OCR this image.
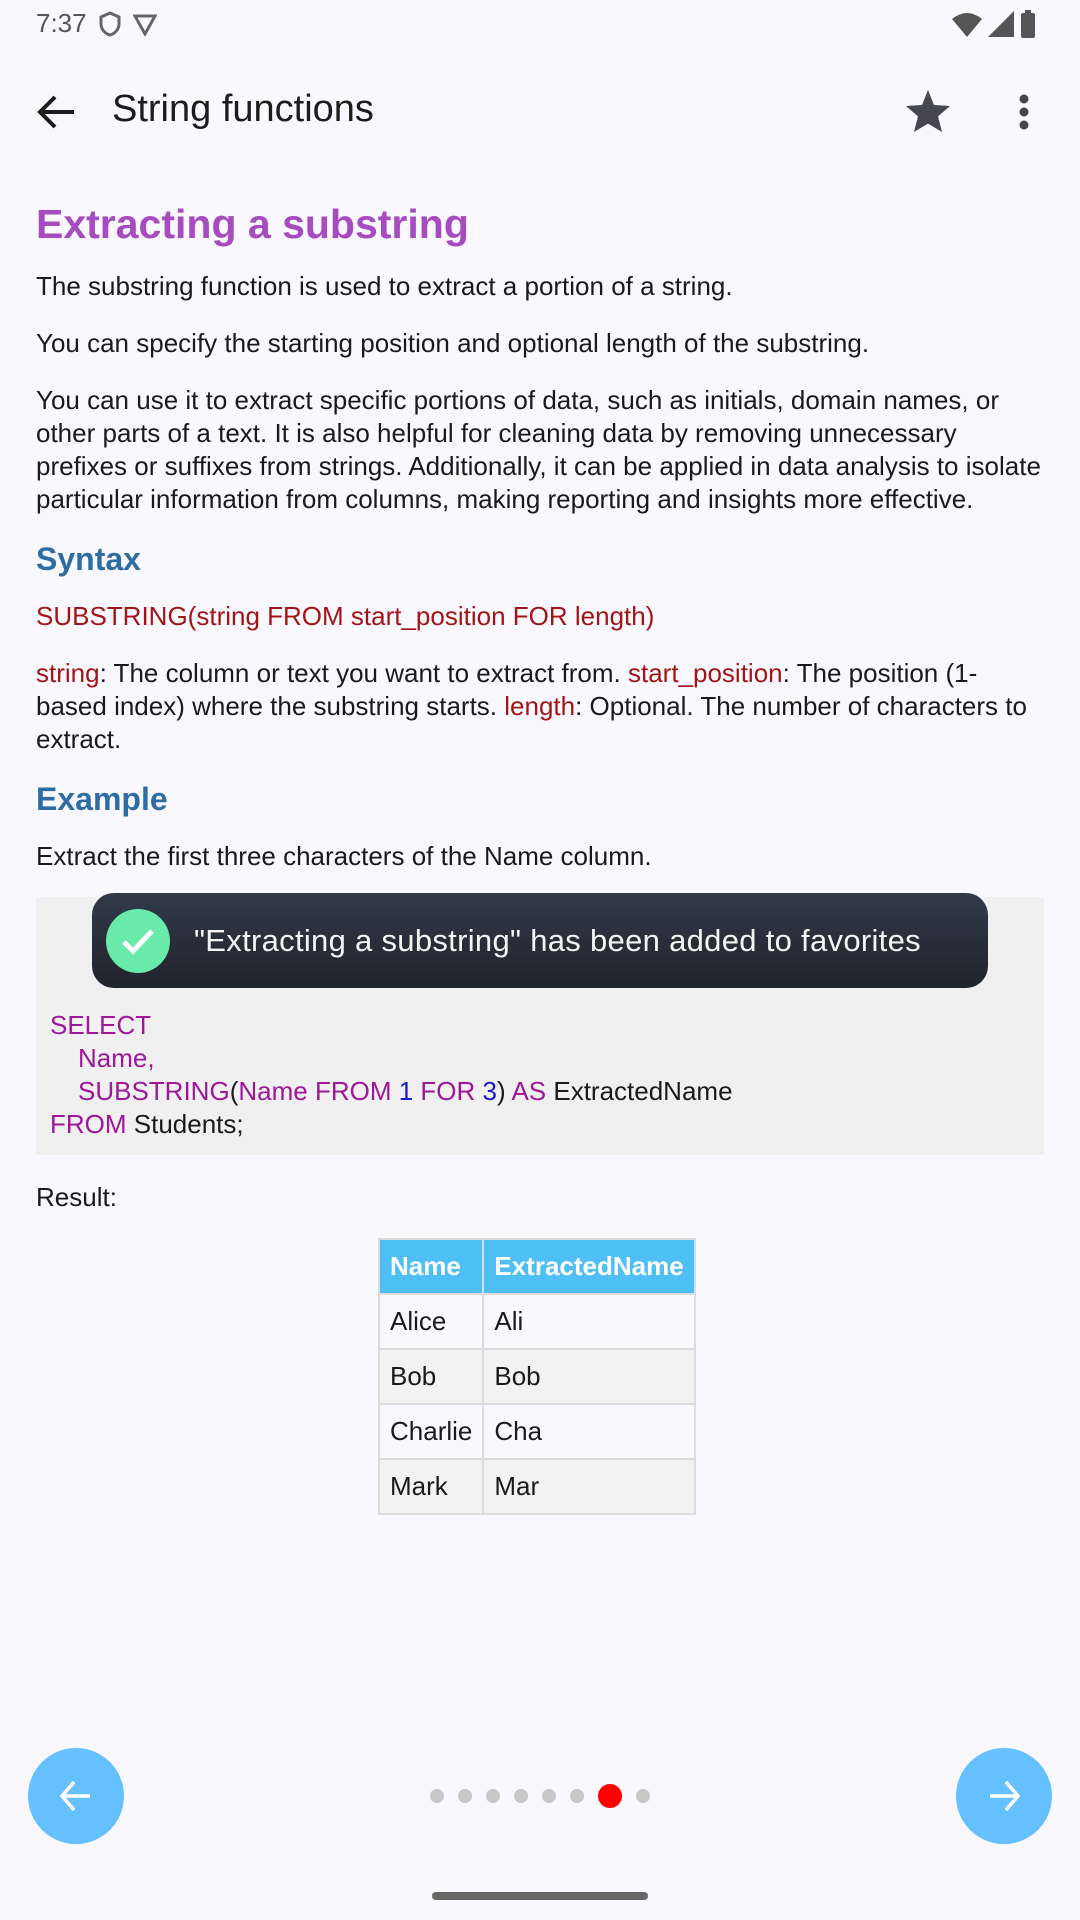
7:37
String functions
Extracting a substring

The substring function is used to extract a portion of a string.

You can specify the starting position and optional length of the substring.

You can use it to extract specific portions of data, such as initials, domain names, or other parts of a text. It is also helpful for cleaning data by removing unnecessary prefixes or suffixes from strings. Additionally, it can be applied in data analysis to isolate particular information from columns, making reporting and insights more effective.

Syntax

SUBSTRING(string FROM start_position FOR length)

string: The column or text you want to extract from. start_position: The position (1-based index) where the substring starts. length: Optional. The number of characters to extract.

Example

Extract the first three characters of the Name column.

"Extracting a substring" has been added to favorites
SELECT
Name,
SUBSTRING(Name FROM 1 FOR 3) AS ExtractedName
FROM Students;

Result:

Name	ExtractedName
Alice	Ali
Bob	Bob
Charlie	Cha
Mark	Mar
